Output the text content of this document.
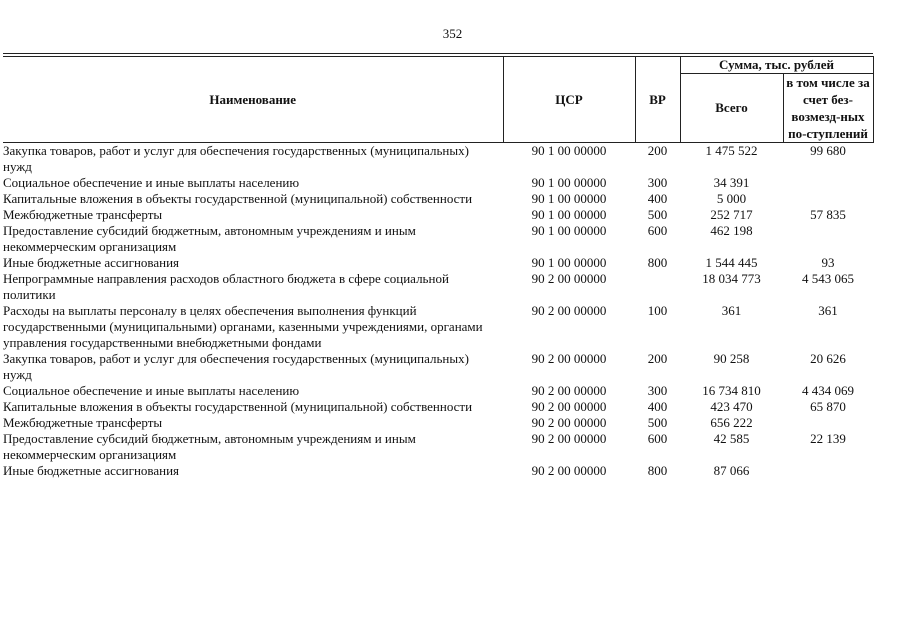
352
Наименование	ЦСР	ВР	Сумма, тыс. рублей	
			Всего	в том числе за счет без-возмезд-ных по-ступлений
Закупка товаров, работ и услуг для обеспечения государственных (муниципальных) нужд	90 1 00 00000	200	1 475 522	99 680
Социальное обеспечение и иные выплаты населению	90 1 00 00000	300	34 391	
Капитальные вложения в объекты государственной (муниципальной) собственности	90 1 00 00000	400	5 000	
Межбюджетные трансферты	90 1 00 00000	500	252 717	57 835
Предоставление субсидий бюджетным, автономным учреждениям и иным некоммерческим организациям	90 1 00 00000	600	462 198	
Иные бюджетные ассигнования	90 1 00 00000	800	1 544 445	93
Непрограммные направления расходов областного бюджета в сфере социальной политики	90 2 00 00000		18 034 773	4 543 065
Расходы на выплаты персоналу в целях обеспечения выполнения функций государственными (муниципальными) органами, казенными учреждениями, органами управления государственными внебюджетными фондами	90 2 00 00000	100	361	361
Закупка товаров, работ и услуг для обеспечения государственных (муниципальных) нужд	90 2 00 00000	200	90 258	20 626
Социальное обеспечение и иные выплаты населению	90 2 00 00000	300	16 734 810	4 434 069
Капитальные вложения в объекты государственной (муниципальной) собственности	90 2 00 00000	400	423 470	65 870
Межбюджетные трансферты	90 2 00 00000	500	656 222	
Предоставление субсидий бюджетным, автономным учреждениям и иным некоммерческим организациям	90 2 00 00000	600	42 585	22 139
Иные бюджетные ассигнования	90 2 00 00000	800	87 066	
